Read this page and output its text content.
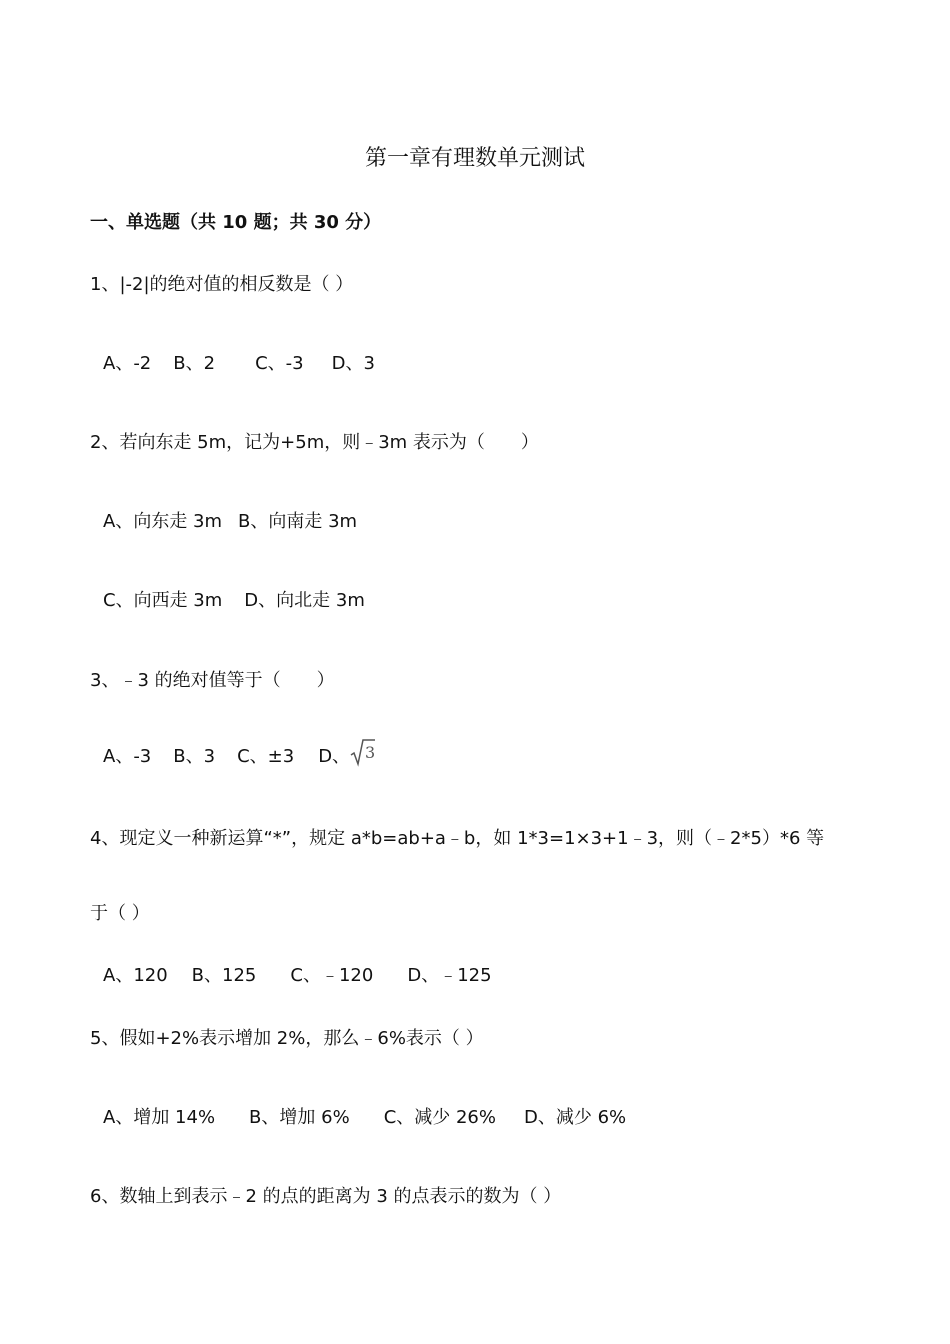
第一章有理数单元测试
一、单选题（共 10 题；共 30 分）
1、|-2|的绝对值的相反数是（ ）
A、-2 B、2 C、-3 D、3
2、若向东走 5m，记为+5m，则﹣3m 表示为（　　）
A、向东走 3m B、向南走 3m
C、向西走 3m D、向北走 3m
3、﹣3 的绝对值等于（　　）
A、-3 B、3 C、±3 D、 3
4、现定义一种新运算“*”，规定 a*b=ab+a﹣b，如 1*3=1×3+1﹣3，则（﹣2*5）*6 等
于（ ）
A、120 B、125 C、﹣120 D、﹣125
5、假如+2%表示增加 2%，那么﹣6%表示（ ）
A、增加 14% B、增加 6% C、减少 26% D、减少 6%
6、数轴上到表示﹣2 的点的距离为 3 的点表示的数为（ ）
